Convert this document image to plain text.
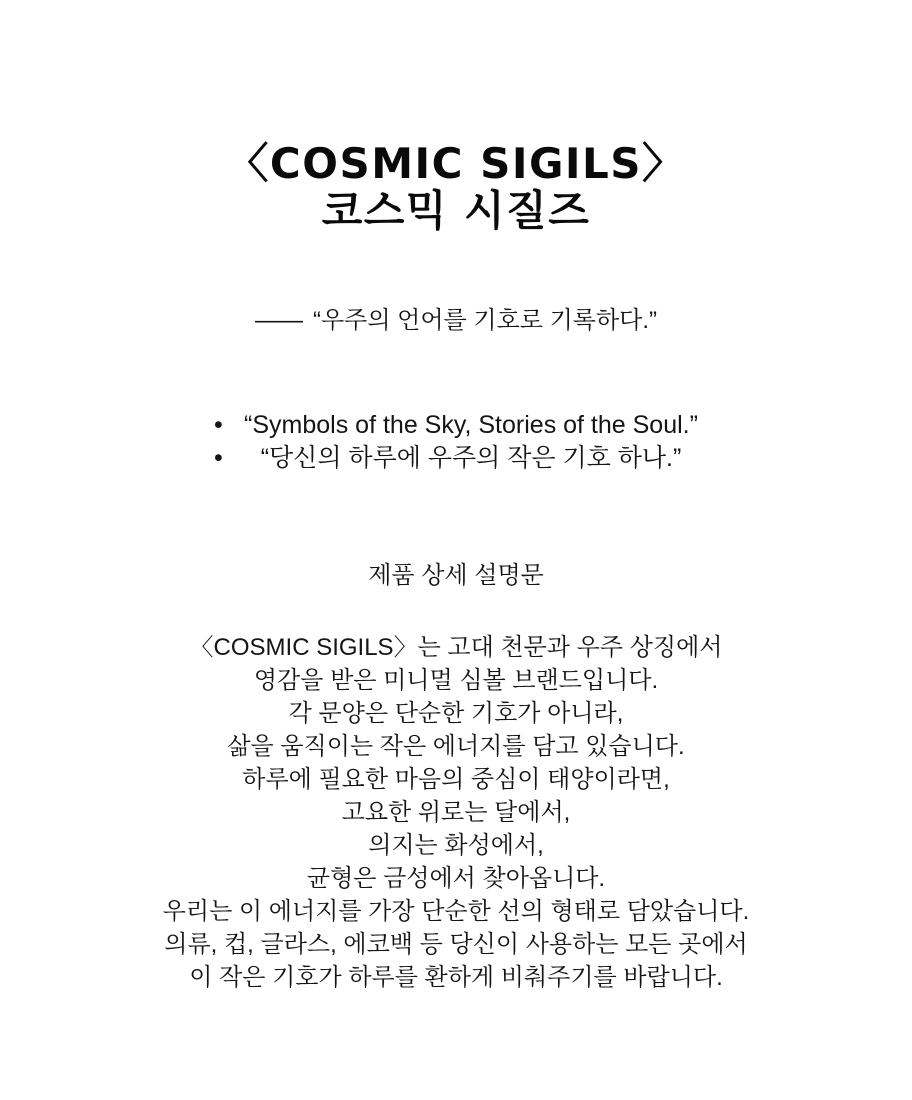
〈COSMIC SIGILS〉
코스믹 시질즈

—— “우주의 언어를 기호로 기록하다.”

• “Symbols of the Sky, Stories of the Soul.”
•	“당신의 하루에 우주의 작은 기호 하나.”
제품 상세 설명문
〈COSMIC SIGILS〉는 고대 천문과 우주 상징에서
영감을 받은 미니멀 심볼 브랜드입니다.
각 문양은 단순한 기호가 아니라,
삶을 움직이는 작은 에너지를 담고 있습니다.
하루에 필요한 마음의 중심이 태양이라면,
고요한 위로는 달에서,
의지는 화성에서,
균형은 금성에서 찾아옵니다.
우리는 이 에너지를 가장 단순한 선의 형태로 담았습니다.
의류, 컵, 글라스, 에코백 등 당신이 사용하는 모든 곳에서
이 작은 기호가 하루를 환하게 비춰주기를 바랍니다.
